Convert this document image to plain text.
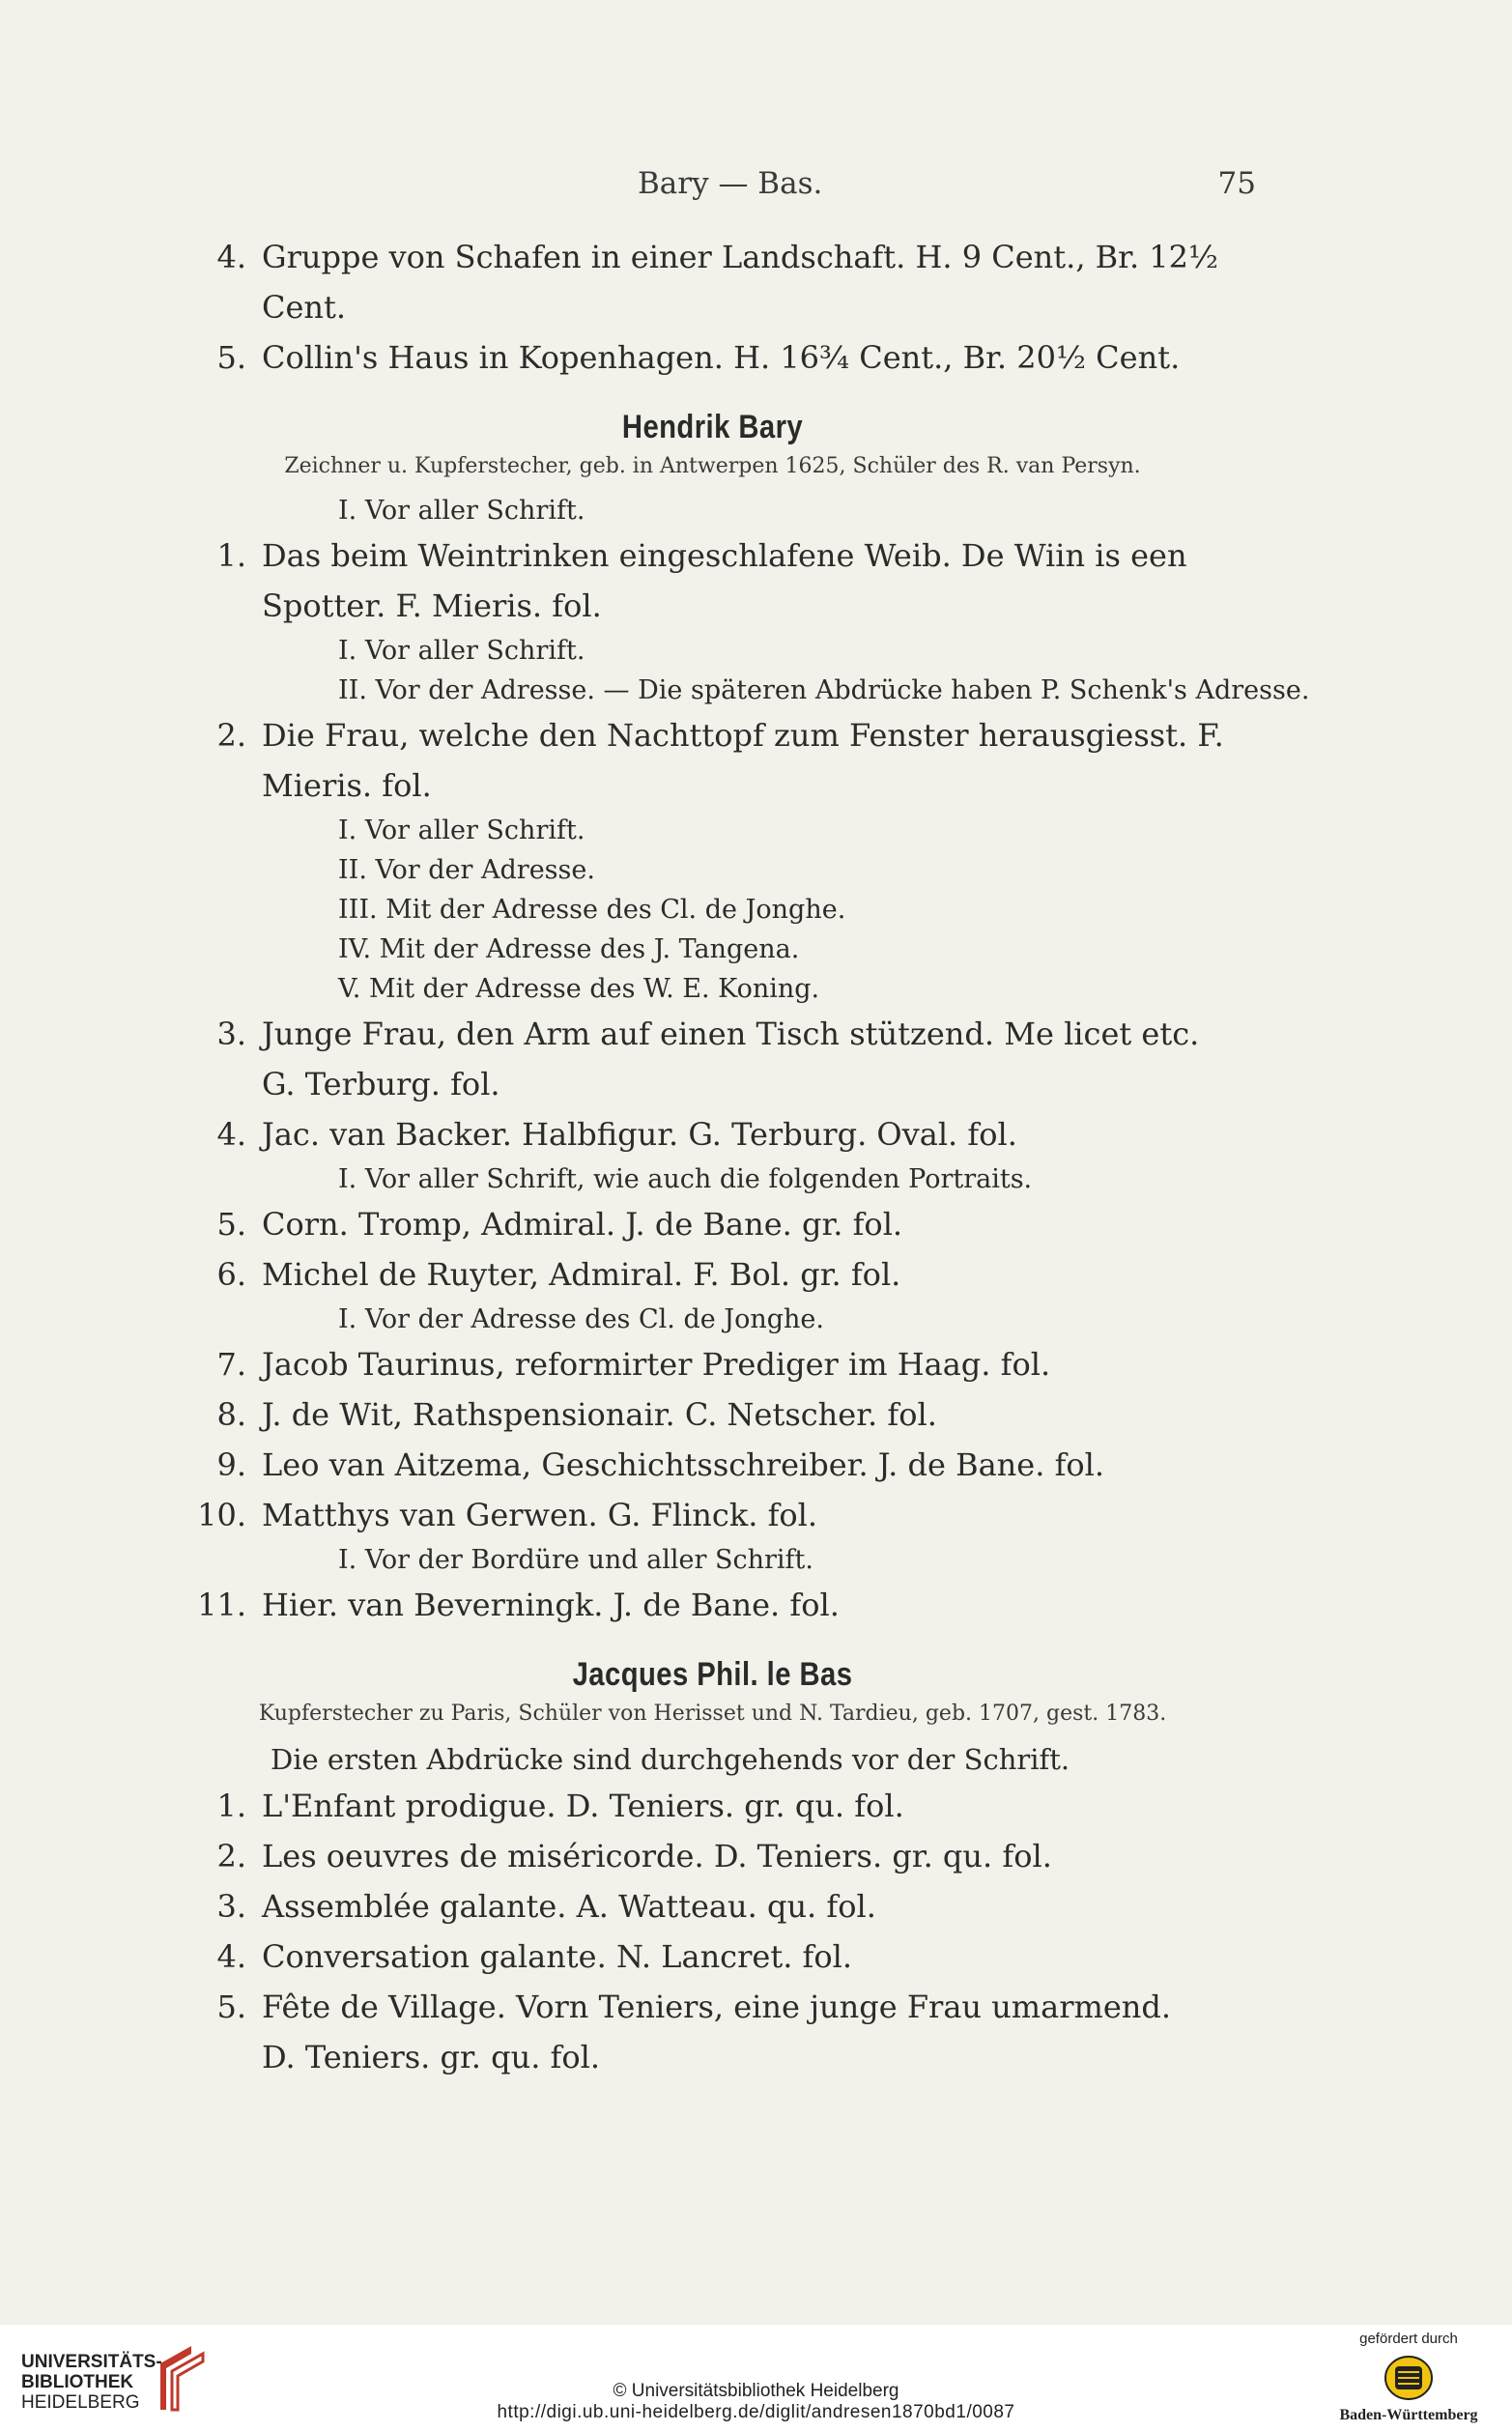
Bary — Bas.	75
4. Gruppe von Schafen in einer Landschaft. H. 9 Cent., Br. 12½ Cent.
5. Collin's Haus in Kopenhagen. H. 16¾ Cent., Br. 20½ Cent.
Hendrik Bary
Zeichner u. Kupferstecher, geb. in Antwerpen 1625, Schüler des R. van Persyn.
I. Vor aller Schrift.
1. Das beim Weintrinken eingeschlafene Weib. De Wiin is een
Spotter. F. Mieris. fol.
I. Vor aller Schrift.
II. Vor der Adresse. — Die späteren Abdrücke haben P. Schenk's Adresse.
2. Die Frau, welche den Nachttopf zum Fenster herausgiesst. F.
Mieris. fol.
I. Vor aller Schrift.
II. Vor der Adresse.
III. Mit der Adresse des Cl. de Jonghe.
IV. Mit der Adresse des J. Tangena.
V. Mit der Adresse des W. E. Koning.
3. Junge Frau, den Arm auf einen Tisch stützend. Me licet etc.
G. Terburg. fol.
4. Jac. van Backer. Halbfigur. G. Terburg. Oval. fol.
I. Vor aller Schrift, wie auch die folgenden Portraits.
5. Corn. Tromp, Admiral. J. de Bane. gr. fol.
6. Michel de Ruyter, Admiral. F. Bol. gr. fol.
I. Vor der Adresse des Cl. de Jonghe.
7. Jacob Taurinus, reformirter Prediger im Haag. fol.
8. J. de Wit, Rathspensionair. C. Netscher. fol.
9. Leo van Aitzema, Geschichtsschreiber. J. de Bane. fol.
10. Matthys van Gerwen. G. Flinck. fol.
I. Vor der Bordüre und aller Schrift.
11. Hier. van Beverningk. J. de Bane. fol.
Jacques Phil. le Bas
Kupferstecher zu Paris, Schüler von Herisset und N. Tardieu, geb. 1707, gest. 1783.
Die ersten Abdrücke sind durchgehends vor der Schrift.
1. L'Enfant prodigue. D. Teniers. gr. qu. fol.
2. Les oeuvres de miséricorde. D. Teniers. gr. qu. fol.
3. Assemblée galante. A. Watteau. qu. fol.
4. Conversation galante. N. Lancret. fol.
5. Fête de Village. Vorn Teniers, eine junge Frau umarmend.
D. Teniers. gr. qu. fol.
UNIVERSITÄTS-
BIBLIOTHEK
HEIDELBERG
© Universitätsbibliothek Heidelberg
http://digi.ub.uni-heidelberg.de/diglit/andresen1870bd1/0087
gefördert durch
Baden-Württemberg
